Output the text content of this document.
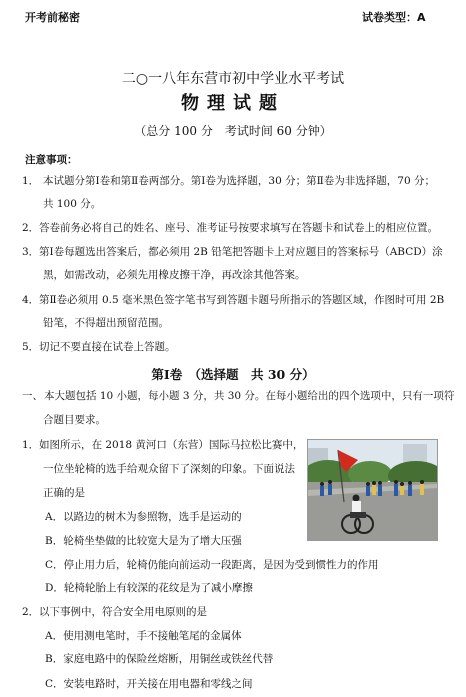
开考前秘密	试卷类型：A
二○一八年东营市初中学业水平考试
物理试题
（总分 100 分　考试时间 60 分钟）
注意事项：
1． 本试题分第Ⅰ卷和第Ⅱ卷两部分。第Ⅰ卷为选择题，30 分；第Ⅱ卷为非选择题，70 分；
共 100 分。
2． 答卷前务必将自己的姓名、座号、准考证号按要求填写在答题卡和试卷上的相应位置。
3． 第Ⅰ卷每题选出答案后，都必须用 2B 铅笔把答题卡上对应题目的答案标号（ABCD）涂
黑，如需改动，必须先用橡皮擦干净，再改涂其他答案。
4． 第Ⅱ卷必须用 0.5 毫米黑色签字笔书写到答题卡题号所指示的答题区域，作图时可用 2B
铅笔，不得超出预留范围。
5． 切记不要直接在试卷上答题。
第Ⅰ卷　（选择题　共 30 分）
一、 本大题包括 10 小题，每小题 3 分，共 30 分。在每小题给出的四个选项中，只有一项符
合题目要求。
1． 如图所示，在 2018 黄河口（东营）国际马拉松比赛中，
一位坐轮椅的选手给观众留下了深刻的印象。下面说法
正确的是
A．以路边的树木为参照物，选手是运动的
B．轮椅坐垫做的比较宽大是为了增大压强
C．停止用力后，轮椅仍能向前运动一段距离，是因为受到惯性力的作用
D．轮椅轮胎上有较深的花纹是为了减小摩擦
2． 以下事例中，符合安全用电原则的是
A．使用测电笔时，手不接触笔尾的金属体
B．家庭电路中的保险丝熔断，用铜丝或铁丝代替
C．安装电路时，开关接在用电器和零线之间
